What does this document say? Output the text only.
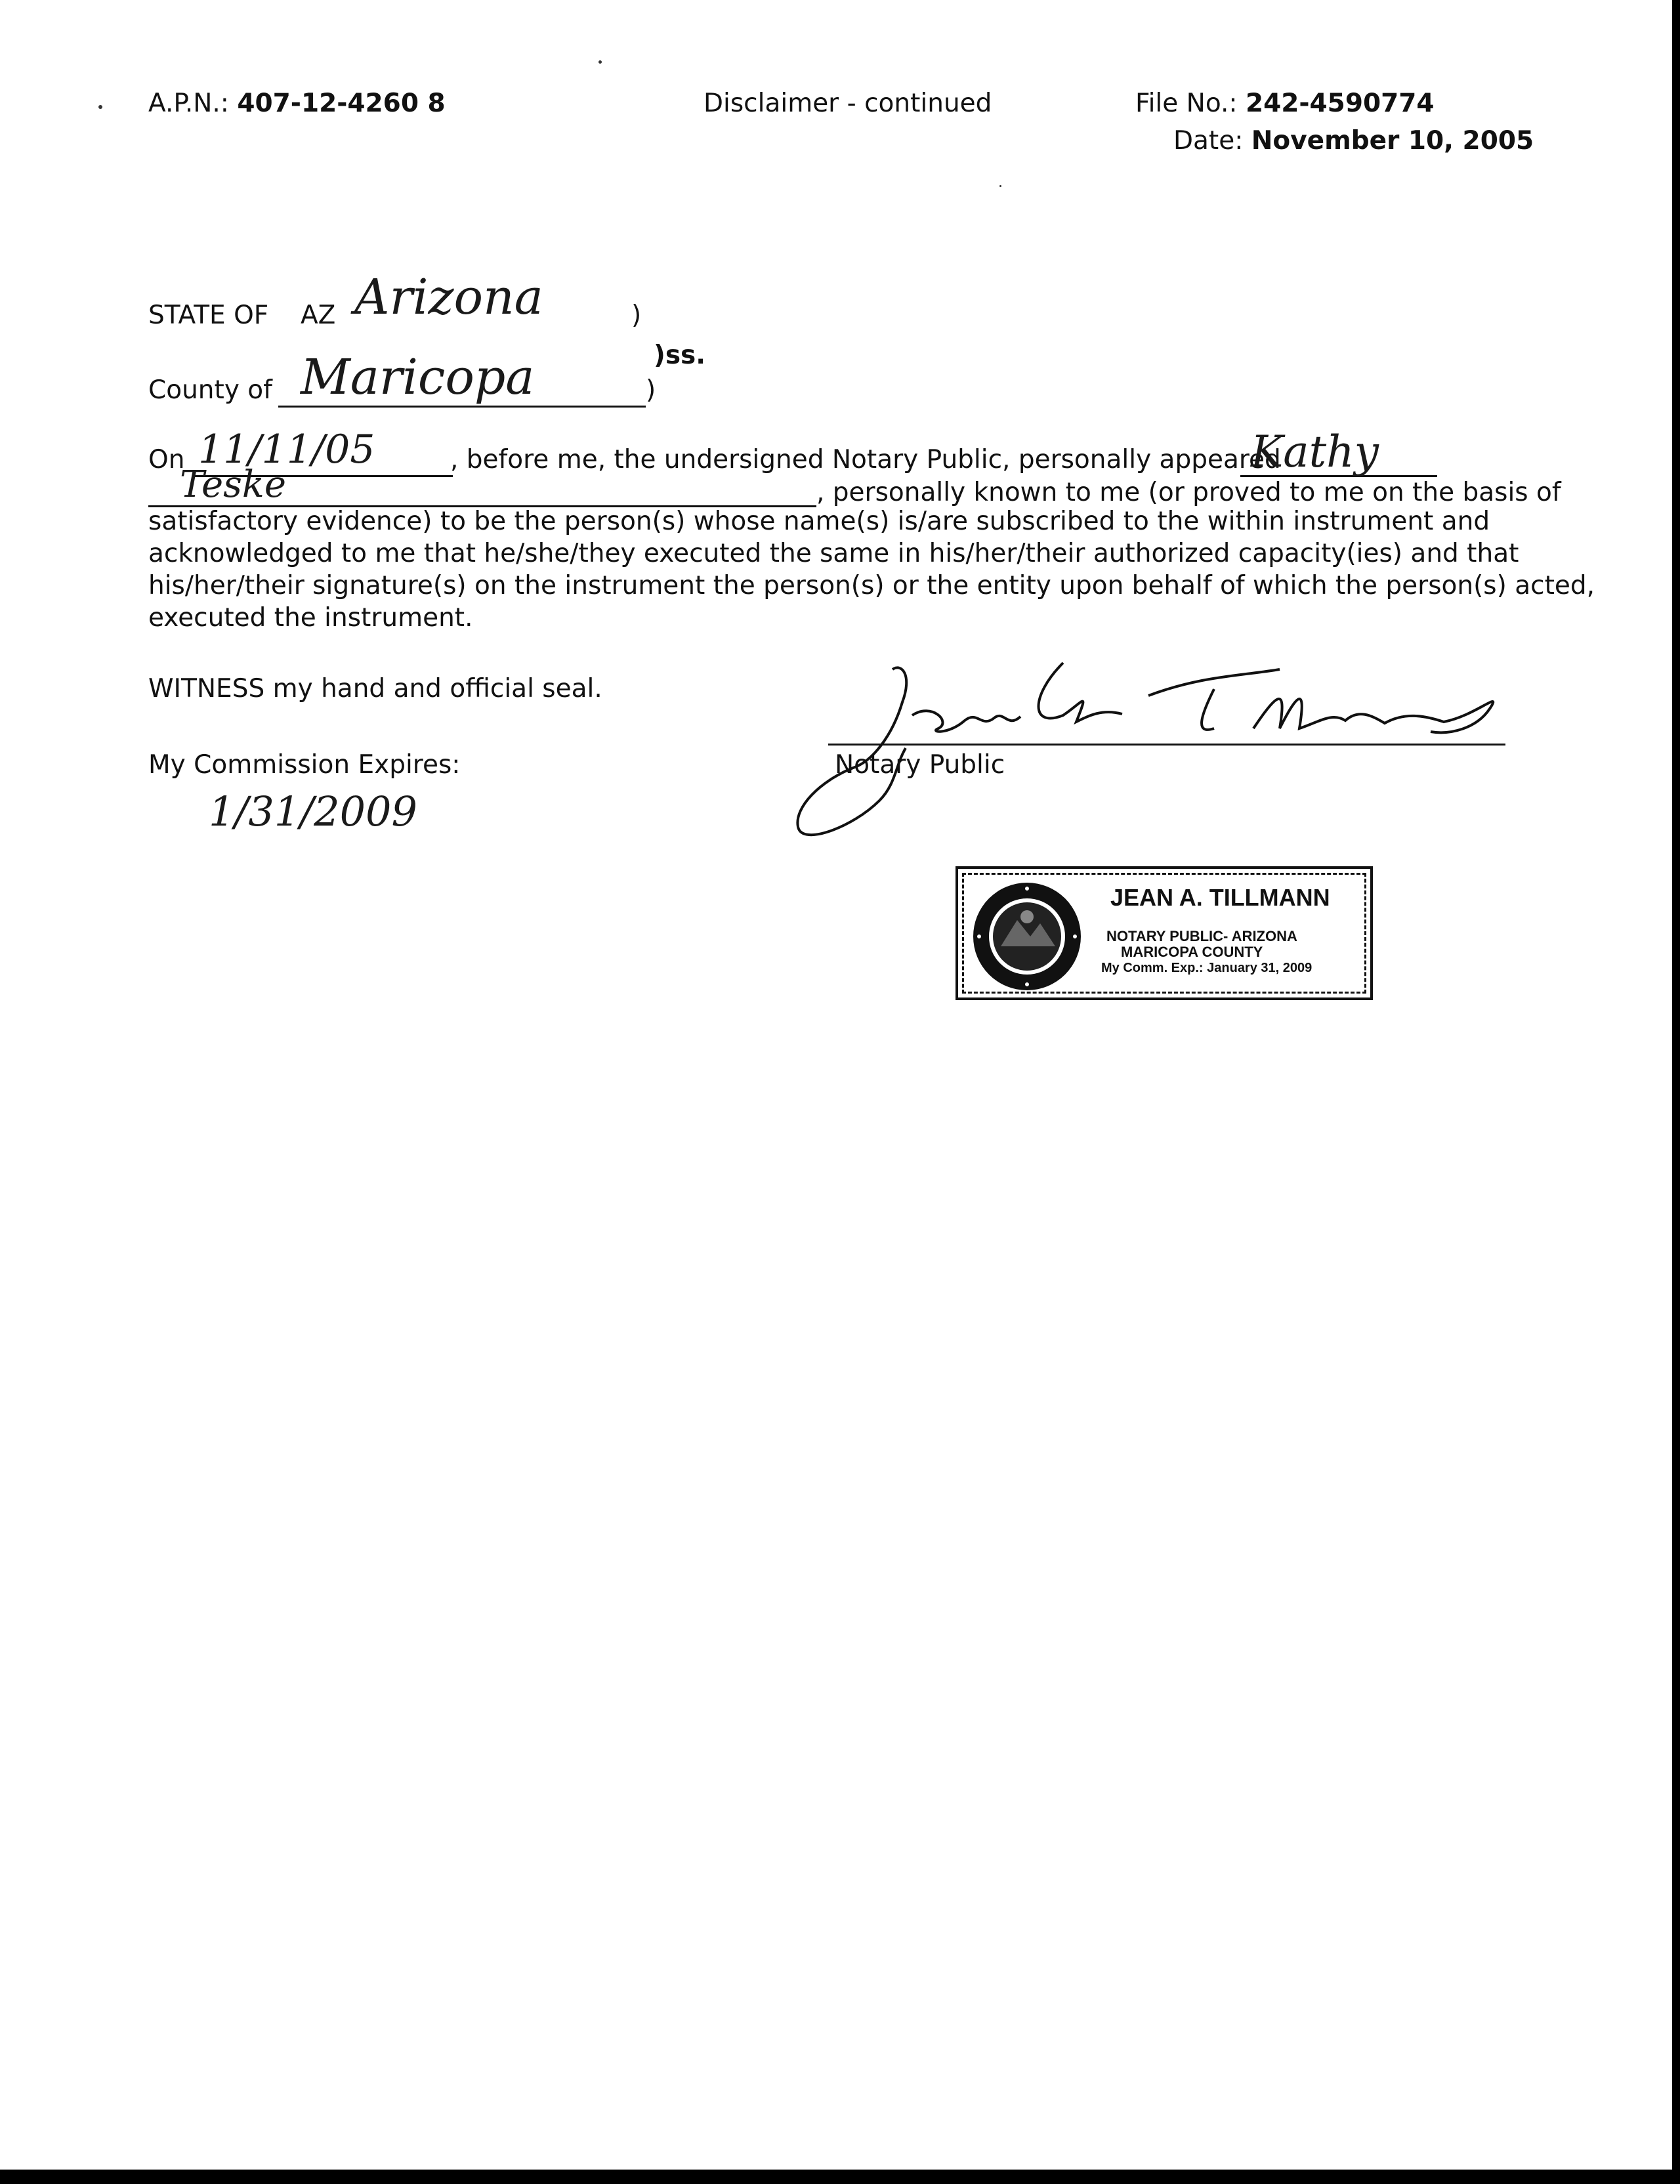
A.P.N.: 407-12-4260 8	Disclaimer - continued	File No.: 242-4590774
Date: November 10, 2005
STATE OF AZ Arizona	)
)ss.
County of Maricopa	)
On 11/11/05	, before me, the undersigned Notary Public, personally appeared
Kathy
Teske	, personally known to me (or proved to me on the basis of
satisfactory evidence) to be the person(s) whose name(s) is/are subscribed to the within instrument and
acknowledged to me that he/she/they executed the same in his/her/their authorized capacity(ies) and that
his/her/their signature(s) on the instrument the person(s) or the entity upon behalf of which the person(s) acted,
executed the instrument.
WITNESS my hand and official seal.
My Commission Expires:
1/31/2009
Notary Public
JEAN A. TILLMANN
NOTARY PUBLIC- ARIZONA
MARICOPA COUNTY
My Comm. Exp.: January 31, 2009
